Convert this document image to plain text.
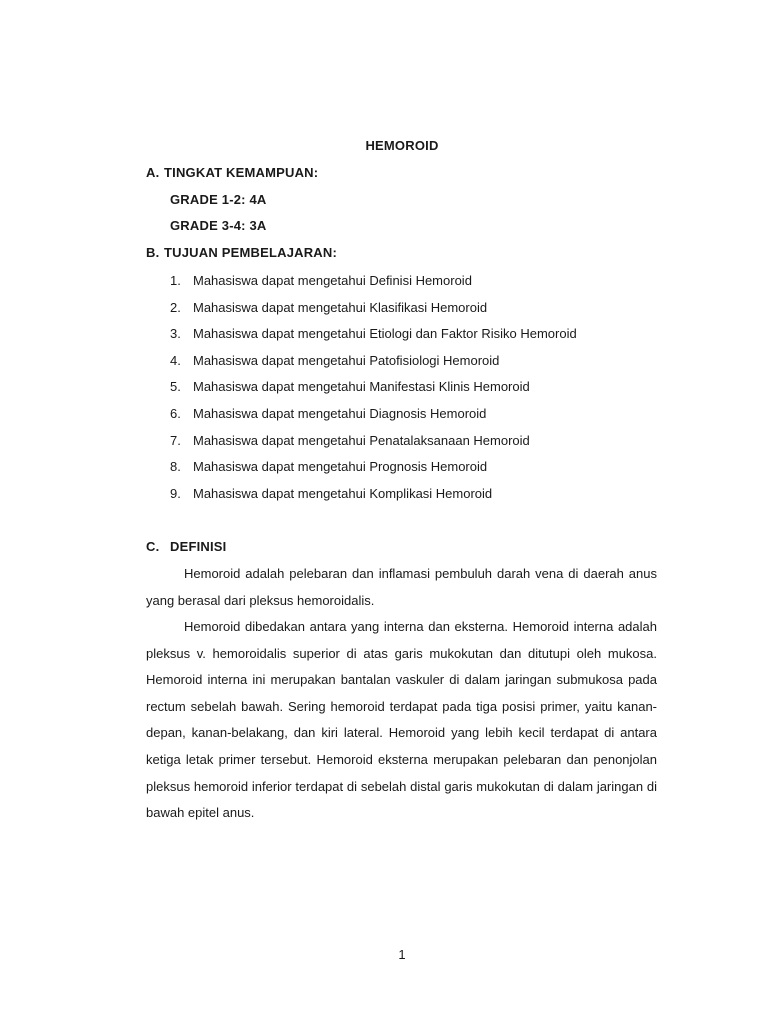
HEMOROID
A. TINGKAT KEMAMPUAN:
GRADE 1-2: 4A
GRADE 3-4: 3A
B. TUJUAN PEMBELAJARAN:
1. Mahasiswa dapat mengetahui Definisi Hemoroid
2. Mahasiswa dapat mengetahui Klasifikasi Hemoroid
3. Mahasiswa dapat mengetahui Etiologi dan Faktor Risiko Hemoroid
4. Mahasiswa dapat mengetahui Patofisiologi Hemoroid
5. Mahasiswa dapat mengetahui Manifestasi Klinis Hemoroid
6. Mahasiswa dapat mengetahui Diagnosis Hemoroid
7. Mahasiswa dapat mengetahui Penatalaksanaan Hemoroid
8. Mahasiswa dapat mengetahui Prognosis Hemoroid
9. Mahasiswa dapat mengetahui Komplikasi Hemoroid
C. DEFINISI

Hemoroid adalah pelebaran dan inflamasi pembuluh darah vena di daerah anus yang berasal dari pleksus hemoroidalis.

Hemoroid dibedakan antara yang interna dan eksterna. Hemoroid interna adalah pleksus v. hemoroidalis superior di atas garis mukokutan dan ditutupi oleh mukosa. Hemoroid interna ini merupakan bantalan vaskuler di dalam jaringan submukosa pada rectum sebelah bawah. Sering hemoroid terdapat pada tiga posisi primer, yaitu kanan- depan, kanan-belakang, dan kiri lateral. Hemoroid yang lebih kecil terdapat di antara ketiga letak primer tersebut. Hemoroid eksterna merupakan pelebaran dan penonjolan pleksus hemoroid inferior terdapat di sebelah distal garis mukokutan di dalam jaringan di bawah epitel anus.

1
